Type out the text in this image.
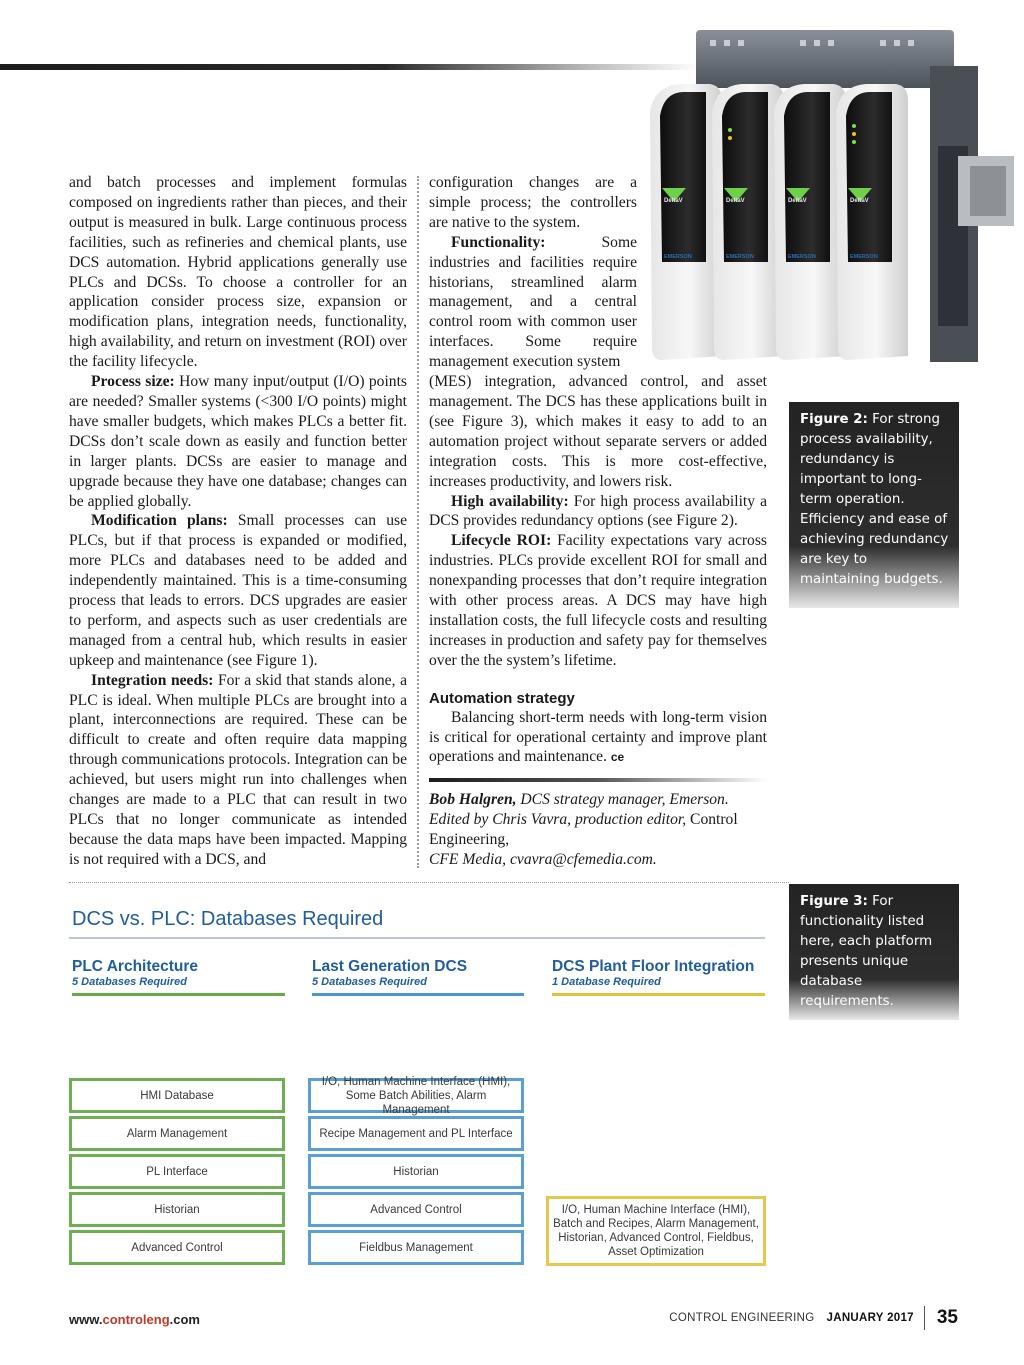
DeltaV
EMERSON
DeltaV
EMERSON
DeltaV
EMERSON
DeltaV
EMERSON

and batch processes and implement formulas composed on ingredients rather than pieces, and their output is measured in bulk. Large continuous process facilities, such as refineries and chemical plants, use DCS automation. Hybrid applications generally use PLCs and DCSs. To choose a controller for an application consider process size, expansion or modification plans, integration needs, functionality, high availability, and return on investment (ROI) over the facility lifecycle.

Process size: How many input/output (I/O) points are needed? Smaller systems (<300 I/O points) might have smaller budgets, which makes PLCs a better fit. DCSs don’t scale down as easily and function better in larger plants. DCSs are easier to manage and upgrade because they have one database; changes can be applied globally.

Modification plans: Small processes can use PLCs, but if that process is expanded or modified, more PLCs and databases need to be added and independently maintained. This is a time-consuming process that leads to errors. DCS upgrades are easier to perform, and aspects such as user credentials are managed from a central hub, which results in easier upkeep and maintenance (see Figure 1).

Integration needs: For a skid that stands alone, a PLC is ideal. When multiple PLCs are brought into a plant, interconnections are required. These can be difficult to create and often require data mapping through communications protocols. Integration can be achieved, but users might run into challenges when changes are made to a PLC that can result in two PLCs that no longer communicate as intended because the data maps have been impacted. Mapping is not required with a DCS, and

configuration changes are a simple process; the controllers are native to the system.

Functionality: Some industries and facilities require historians, streamlined alarm management, and a central control room with common user interfaces. Some require management execution system

(MES) integration, advanced control, and asset management. The DCS has these applications built in (see Figure 3), which makes it easy to add to an automation project without separate servers or added integration costs. This is more cost-effective, increases productivity, and lowers risk.

High availability: For high process availability a DCS provides redundancy options (see Figure 2).

Lifecycle ROI: Facility expectations vary across industries. PLCs provide excellent ROI for small and nonexpanding processes that don’t require integration with other process areas. A DCS may have high installation costs, the full lifecycle costs and resulting increases in production and safety pay for themselves over the the system’s lifetime.

Automation strategy

Balancing short-term needs with long-term vision is critical for operational certainty and improve plant operations and maintenance. ce

Bob Halgren, DCS strategy manager, Emerson.
Edited by Chris Vavra, production editor, Control Engineering,
CFE Media, cvavra@cfemedia.com.

Figure 2: For strong process availability, redundancy is important to long-term operation. Efficiency and ease of achieving redundancy are key to maintaining budgets.
Figure 3: For functionality listed here, each platform presents unique database requirements.
DCS vs. PLC: Databases Required
PLC Architecture
5 Databases Required
Last Generation DCS
5 Databases Required
DCS Plant Floor Integration
1 Database Required
HMI Database
Alarm Management
PL Interface
Historian
Advanced Control
I/O, Human Machine Interface (HMI), Some Batch Abilities, Alarm Management
Recipe Management and PL Interface
Historian
Advanced Control
Fieldbus Management
I/O, Human Machine Interface (HMI), Batch and Recipes, Alarm Management, Historian, Advanced Control, Fieldbus, Asset Optimization
www.controleng.com	CONTROL ENGINEERING JANUARY 2017 35
